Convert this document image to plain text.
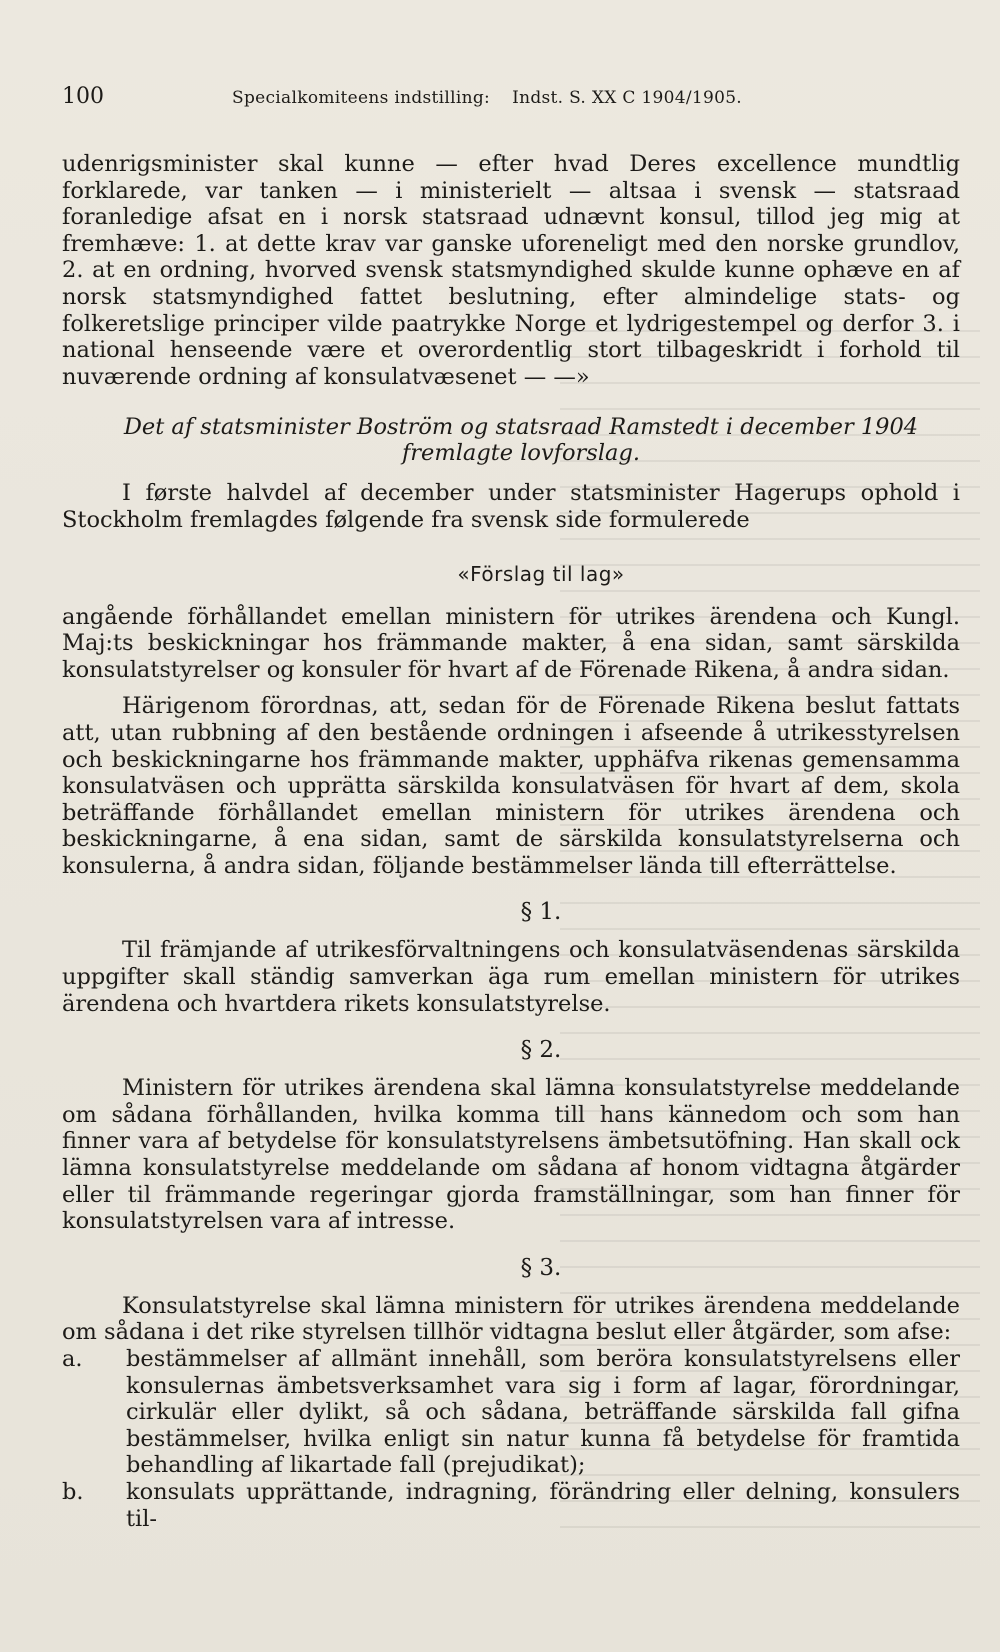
100	Specialkomiteens indstilling: Indst. S. XX C 1904/1905.

udenrigsminister skal kunne — efter hvad Deres excellence mundtlig forklarede, var tanken — i ministerielt — altsaa i svensk — statsraad foranledige afsat en i norsk statsraad udnævnt konsul, tillod jeg mig at fremhæve: 1. at dette krav var ganske uforeneligt med den norske grundlov, 2. at en ordning, hvorved svensk statsmyndighed skulde kunne ophæve en af norsk statsmyndighed fattet beslutning, efter almindelige stats- og folkeretslige principer vilde paatrykke Norge et lydrigestempel og derfor 3. i national henseende være et overordentlig stort tilbageskridt i forhold til nuværende ordning af konsulatvæsenet — —»

Det af statsminister Boström og statsraad Ramstedt i december 1904 fremlagte lovforslag.

I første halvdel af december under statsminister Hagerups ophold i Stockholm fremlagdes følgende fra svensk side formulerede

«Förslag til lag»

angående förhållandet emellan ministern för utrikes ärendena och Kungl. Maj:ts beskickningar hos främmande makter, å ena sidan, samt särskilda konsulatstyrelser og konsuler för hvart af de Förenade Rikena, å andra sidan.

Härigenom förordnas, att, sedan för de Förenade Rikena beslut fattats att, utan rubbning af den bestående ordningen i afseende å utrikesstyrelsen och beskickningarne hos främmande makter, upphäfva rikenas gemensamma konsulatväsen och upprätta särskilda konsulatväsen för hvart af dem, skola beträffande förhållandet emellan ministern för utrikes ärendena och beskickningarne, å ena sidan, samt de särskilda konsulatstyrelserna och konsulerna, å andra sidan, följande bestämmelser lända till efterrättelse.

§ 1.

Til främjande af utrikesförvaltningens och konsulatväsendenas särskilda uppgifter skall ständig samverkan äga rum emellan ministern för utrikes ärendena och hvartdera rikets konsulatstyrelse.

§ 2.

Ministern för utrikes ärendena skal lämna konsulatstyrelse meddelande om sådana förhållanden, hvilka komma till hans kännedom och som han finner vara af betydelse för konsulatstyrelsens ämbetsutöfning. Han skall ock lämna konsulatstyrelse meddelande om sådana af honom vidtagna åtgärder eller til främmande regeringar gjorda framställningar, som han finner för konsulatstyrelsen vara af intresse.

§ 3.

Konsulatstyrelse skal lämna ministern för utrikes ärendena meddelande om sådana i det rike styrelsen tillhör vidtagna beslut eller åtgärder, som afse:

a.	bestämmelser af allmänt innehåll, som beröra konsulatstyrelsens eller konsulernas ämbetsverksamhet vara sig i form af lagar, förordningar, cirkulär eller dylikt, så och sådana, beträffande särskilda fall gifna bestämmelser, hvilka enligt sin natur kunna få betydelse för framtida behandling af likartade fall (prejudikat);
b.	konsulats upprättande, indragning, förändring eller delning, konsulers til-
